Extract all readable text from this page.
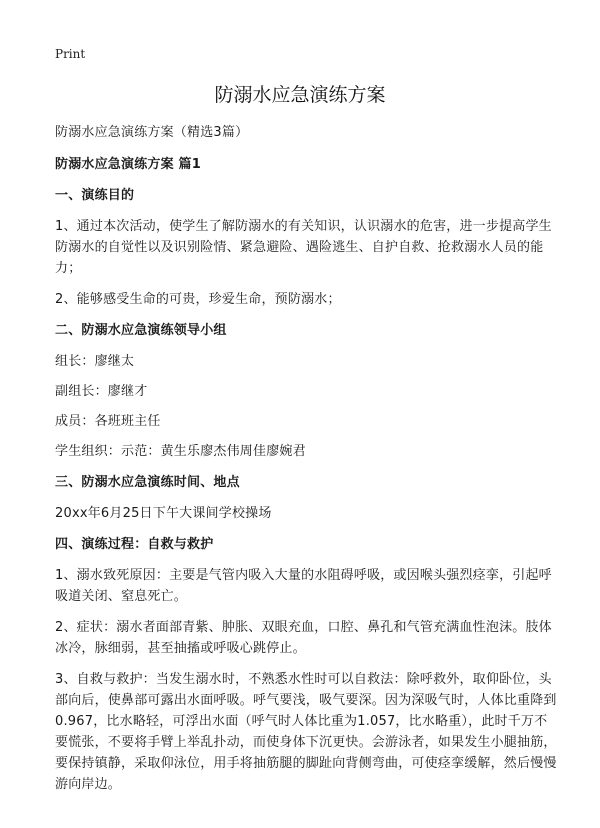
Print
防溺水应急演练方案

防溺水应急演练方案（精选3篇）

防溺水应急演练方案 篇1

一、演练目的

1、通过本次活动，使学生了解防溺水的有关知识，认识溺水的危害，进一步提高学生防溺水的自觉性以及识别险情、紧急避险、遇险逃生、自护自救、抢救溺水人员的能力；

2、能够感受生命的可贵，珍爱生命，预防溺水；

二、防溺水应急演练领导小组

组长：廖继太

副组长：廖继才

成员：各班班主任

学生组织：示范：黄生乐廖杰伟周佳廖婉君

三、防溺水应急演练时间、地点

20xx年6月25日下午大课间学校操场

四、演练过程：自救与救护

1、溺水致死原因：主要是气管内吸入大量的水阻碍呼吸，或因喉头强烈痉挛，引起呼吸道关闭、窒息死亡。

2、症状：溺水者面部青紫、肿胀、双眼充血，口腔、鼻孔和气管充满血性泡沫。肢体冰冷，脉细弱，甚至抽搐或呼吸心跳停止。

3、自救与救护：当发生溺水时，不熟悉水性时可以自救法：除呼救外，取仰卧位，头部向后，使鼻部可露出水面呼吸。呼气要浅，吸气要深。因为深吸气时，人体比重降到0.967，比水略轻，可浮出水面（呼气时人体比重为1.057，比水略重），此时千万不要慌张，不要将手臂上举乱扑动，而使身体下沉更快。会游泳者，如果发生小腿抽筋，要保持镇静，采取仰泳位，用手将抽筋腿的脚趾向背侧弯曲，可使痉挛缓解，然后慢慢游向岸边。
